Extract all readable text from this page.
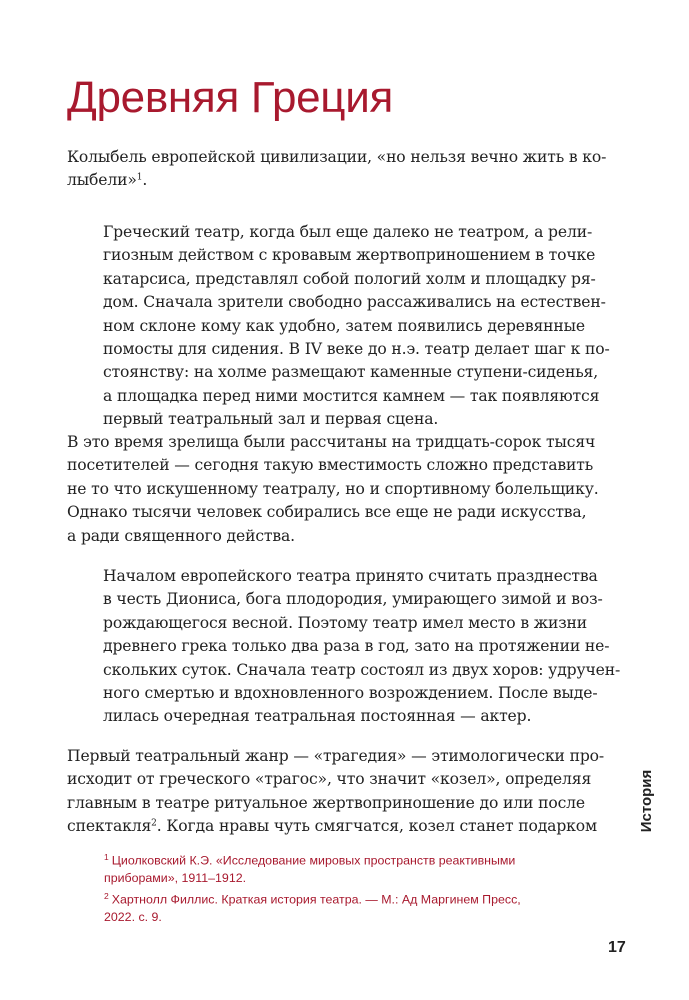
Древняя Греция
Колыбель европейской цивилизации, «но нельзя вечно жить в ко-
лыбели»$^1$.
Греческий театр, когда был еще далеко не театром, а рели-
гиозным действом с кровавым жертвоприношением в точке
катарсиса, представлял собой пологий холм и площадку ря-
дом. Сначала зрители свободно рассаживались на естествен-
ном склоне кому как удобно, затем появились деревянные
помосты для сидения. В IV веке до н.э. театр делает шаг к по-
стоянству: на холме размещают каменные ступени-сиденья,
а площадка перед ними мостится камнем — так появляются
первый театральный зал и первая сцена.
В это время зрелища были рассчитаны на тридцать-сорок тысяч
посетителей — сегодня такую вместимость сложно представить
не то что искушенному театралу, но и спортивному болельщику.
Однако тысячи человек собирались все еще не ради искусства,
а ради священного действа.
Началом европейского театра принято считать празднества
в честь Диониса, бога плодородия, умирающего зимой и воз-
рождающегося весной. Поэтому театр имел место в жизни
древнего грека только два раза в год, зато на протяжении не-
скольких суток. Сначала театр состоял из двух хоров: удручен-
ного смертью и вдохновленного возрождением. После выде-
лилась очередная театральная постоянная — актер.
Первый театральный жанр — «трагедия» — этимологически про-
исходит от греческого «трагос», что значит «козел», определяя
главным в театре ритуальное жертвоприношение до или после
спектакля$^2$. Когда нравы чуть смягчатся, козел станет подарком
$^1$ Циолковский К.Э. «Исследование мировых пространств реактивными
приборами», 1911–1912.
$^2$ Хартнолл Филлис. Краткая история театра. — М.: Ад Маргинем Пресс,
2022. с. 9.
История
17
